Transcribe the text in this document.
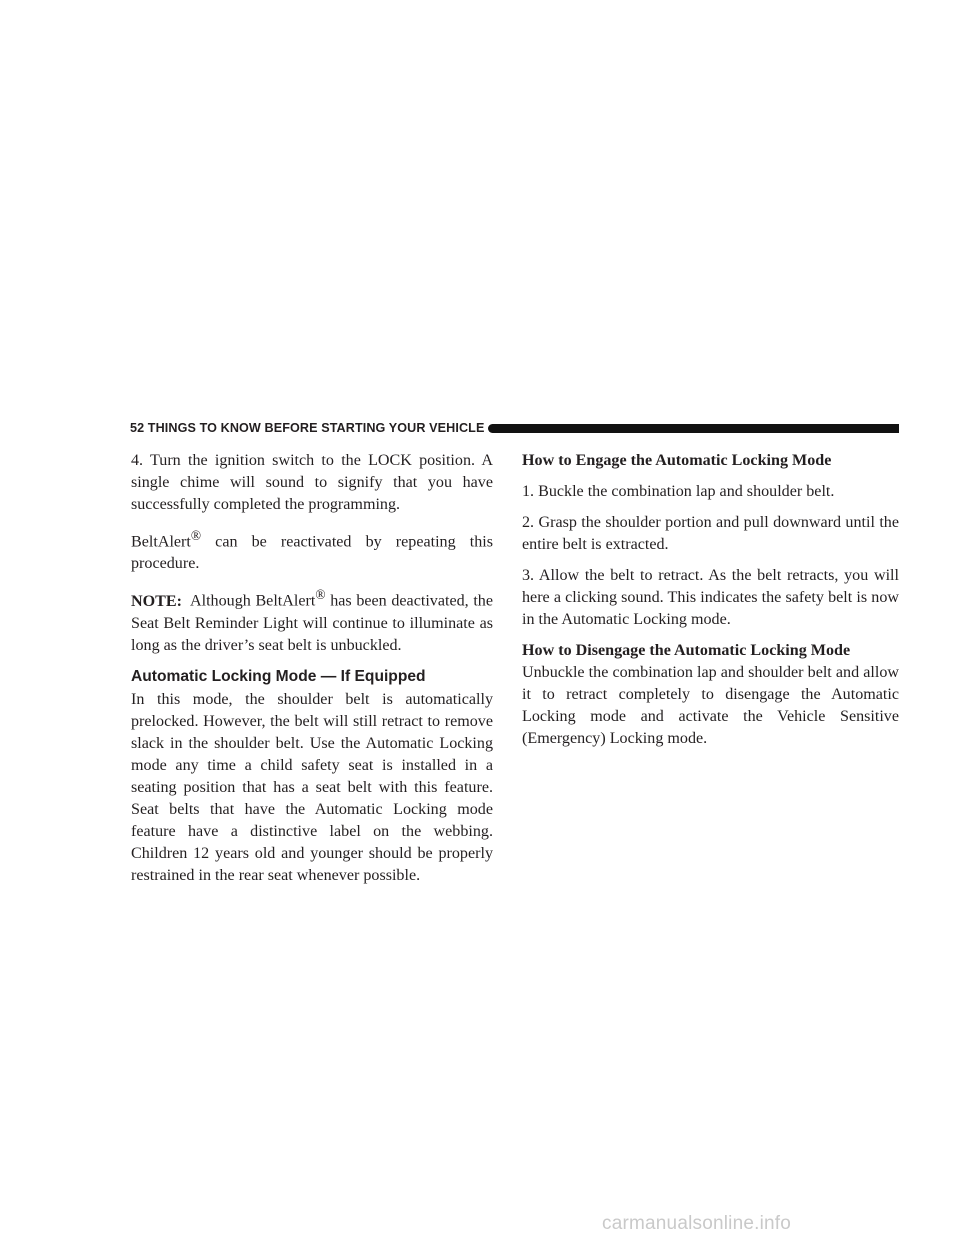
52 THINGS TO KNOW BEFORE STARTING YOUR VEHICLE

4. Turn the ignition switch to the LOCK position. A single chime will sound to signify that you have successfully completed the programming.

BeltAlert® can be reactivated by repeating this procedure.

NOTE: Although BeltAlert® has been deactivated, the Seat Belt Reminder Light will continue to illuminate as long as the driver’s seat belt is unbuckled.

Automatic Locking Mode — If Equipped

In this mode, the shoulder belt is automatically prelocked. However, the belt will still retract to remove slack in the shoulder belt. Use the Automatic Locking mode any time a child safety seat is installed in a seating position that has a seat belt with this feature. Seat belts that have the Automatic Locking mode feature have a distinctive label on the webbing. Children 12 years old and younger should be properly restrained in the rear seat whenever possible.

How to Engage the Automatic Locking Mode

1. Buckle the combination lap and shoulder belt.

2. Grasp the shoulder portion and pull downward until the entire belt is extracted.

3. Allow the belt to retract. As the belt retracts, you will here a clicking sound. This indicates the safety belt is now in the Automatic Locking mode.

How to Disengage the Automatic Locking Mode

Unbuckle the combination lap and shoulder belt and allow it to retract completely to disengage the Automatic Locking mode and activate the Vehicle Sensitive (Emergency) Locking mode.

carmanualsonline.info
